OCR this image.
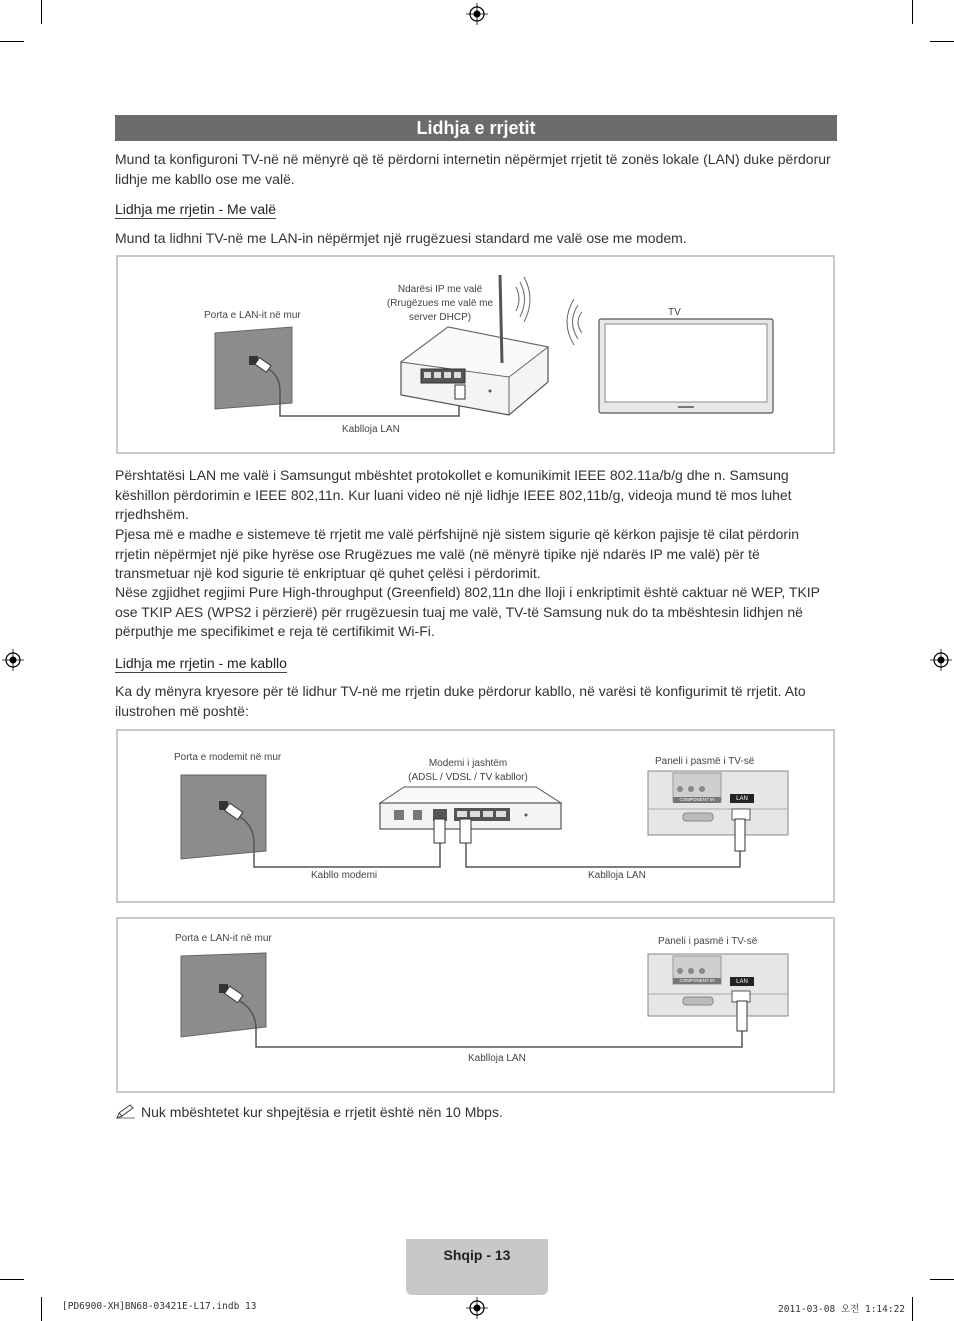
Lidhja e rrjetit
Mund ta konfiguroni TV-në në mënyrë që të përdorni internetin nëpërmjet rrjetit të zonës lokale (LAN) duke përdorur lidhje me kabllo ose me valë.
Lidhja me rrjetin - Me valë
Mund ta lidhni TV-në me LAN-in nëpërmjet një rrugëzuesi standard me valë ose me modem.
Porta e LAN-it në mur
Ndarësi IP me valë
(Rrugëzues me valë me
server DHCP)	TV
Kablloja LAN
Përshtatësi LAN me valë i Samsungut mbështet protokollet e komunikimit IEEE 802.11a/b/g dhe n. Samsung këshillon përdorimin e IEEE 802,11n. Kur luani video në një lidhje IEEE 802,11b/g, videoja mund të mos luhet rrjedhshëm.
Pjesa më e madhe e sistemeve të rrjetit me valë përfshijnë një sistem sigurie që kërkon pajisje të cilat përdorin rrjetin nëpërmjet një pike hyrëse ose Rrugëzues me valë (në mënyrë tipike një ndarës IP me valë) për të transmetuar një kod sigurie të enkriptuar që quhet çelësi i përdorimit.
Nëse zgjidhet regjimi Pure High-throughput (Greenfield) 802,11n dhe lloji i enkriptimit është caktuar në WEP, TKIP ose TKIP AES (WPS2 i përzierë) për rrugëzuesin tuaj me valë, TV-të Samsung nuk do ta mbështesin lidhjen në përputhje me specifikimet e reja të certifikimit Wi-Fi.
Lidhja me rrjetin - me kabllo
Ka dy mënyra kryesore për të lidhur TV-në me rrjetin duke përdorur kabllo, në varësi të konfigurimit të rrjetit. Ato ilustrohen më poshtë:
Porta e modemit në mur
Modemi i jashtëm
(ADSL / VDSL / TV kabllor)
Paneli i pasmë i TV-së
Kabllo modemi	Kablloja LAN
LAN
COMPONENT IN
Porta e LAN-it në mur	Paneli i pasmë i TV-së
Kablloja LAN
LAN
COMPONENT IN
Nuk mbështetet kur shpejtësia e rrjetit është nën 10 Mbps.
Shqip - 13
[PD6900-XH]BN68-03421E-L17.indb 13	2011-03-08 오전 1:14:22
